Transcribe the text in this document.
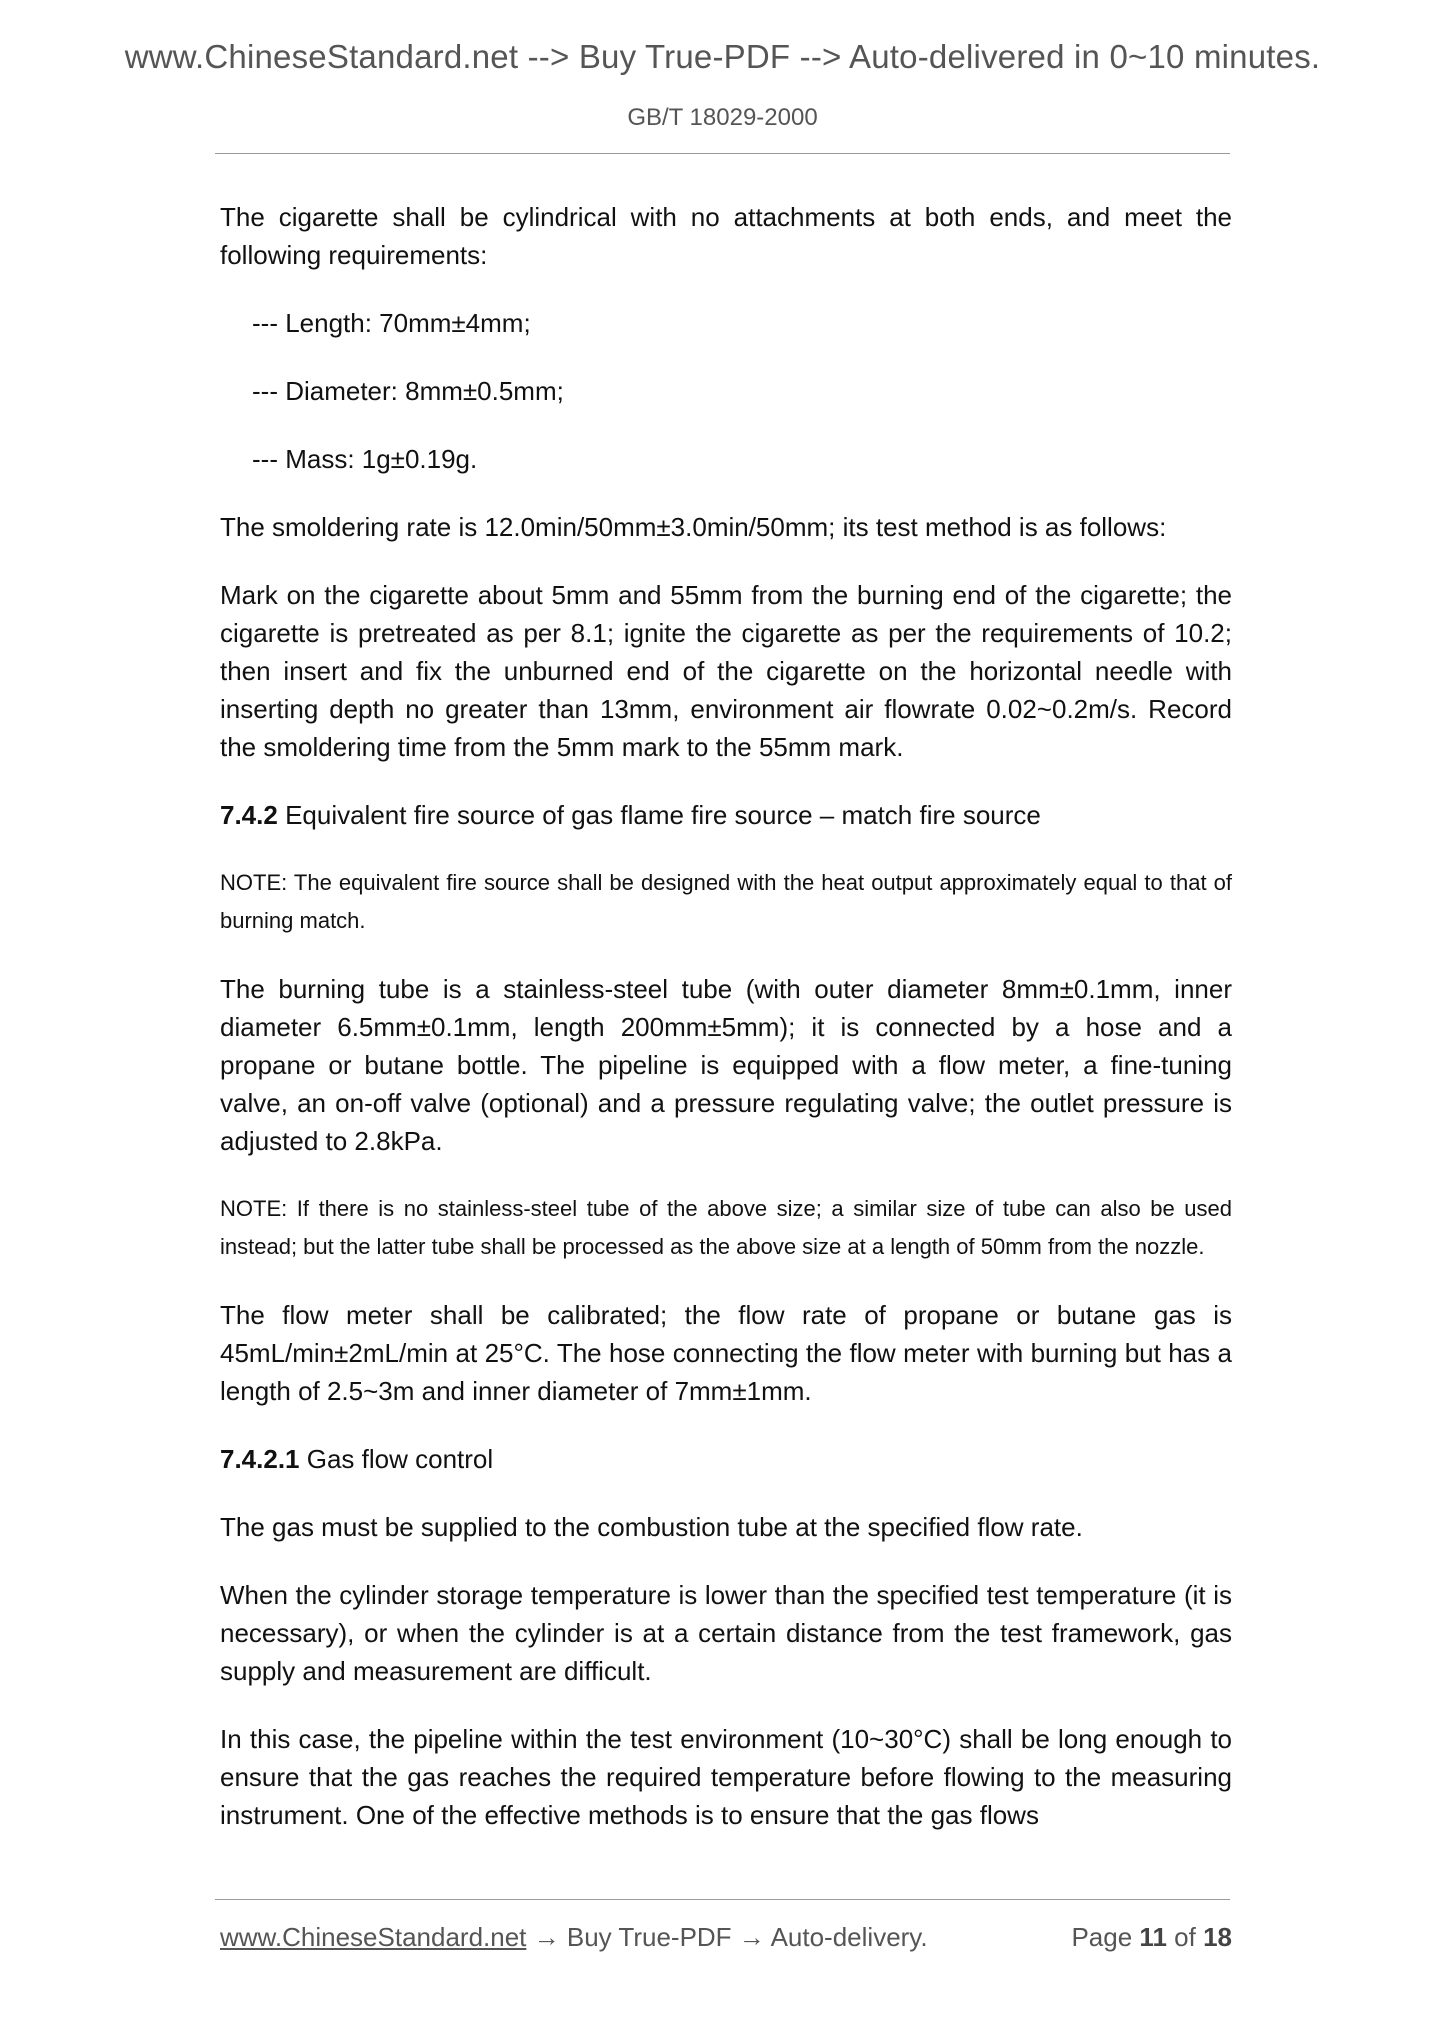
www.ChineseStandard.net --> Buy True-PDF --> Auto-delivered in 0~10 minutes.
GB/T 18029-2000

The cigarette shall be cylindrical with no attachments at both ends, and meet the following requirements:

--- Length: 70mm±4mm;
--- Diameter: 8mm±0.5mm;
--- Mass: 1g±0.19g.

The smoldering rate is 12.0min/50mm±3.0min/50mm; its test method is as follows:

Mark on the cigarette about 5mm and 55mm from the burning end of the cigarette; the cigarette is pretreated as per 8.1; ignite the cigarette as per the requirements of 10.2; then insert and fix the unburned end of the cigarette on the horizontal needle with inserting depth no greater than 13mm, environment air flowrate 0.02~0.2m/s. Record the smoldering time from the 5mm mark to the 55mm mark.

7.4.2 Equivalent fire source of gas flame fire source – match fire source

NOTE: The equivalent fire source shall be designed with the heat output approximately equal to that of burning match.

The burning tube is a stainless-steel tube (with outer diameter 8mm±0.1mm, inner diameter 6.5mm±0.1mm, length 200mm±5mm); it is connected by a hose and a propane or butane bottle. The pipeline is equipped with a flow meter, a fine-tuning valve, an on-off valve (optional) and a pressure regulating valve; the outlet pressure is adjusted to 2.8kPa.

NOTE: If there is no stainless-steel tube of the above size; a similar size of tube can also be used instead; but the latter tube shall be processed as the above size at a length of 50mm from the nozzle.

The flow meter shall be calibrated; the flow rate of propane or butane gas is 45mL/min±2mL/min at 25°C. The hose connecting the flow meter with burning but has a length of 2.5~3m and inner diameter of 7mm±1mm.

7.4.2.1 Gas flow control

The gas must be supplied to the combustion tube at the specified flow rate.

When the cylinder storage temperature is lower than the specified test temperature (it is necessary), or when the cylinder is at a certain distance from the test framework, gas supply and measurement are difficult.

In this case, the pipeline within the test environment (10~30°C) shall be long enough to ensure that the gas reaches the required temperature before flowing to the measuring instrument. One of the effective methods is to ensure that the gas flows

www.ChineseStandard.net → Buy True-PDF → Auto-delivery.	Page 11 of 18
